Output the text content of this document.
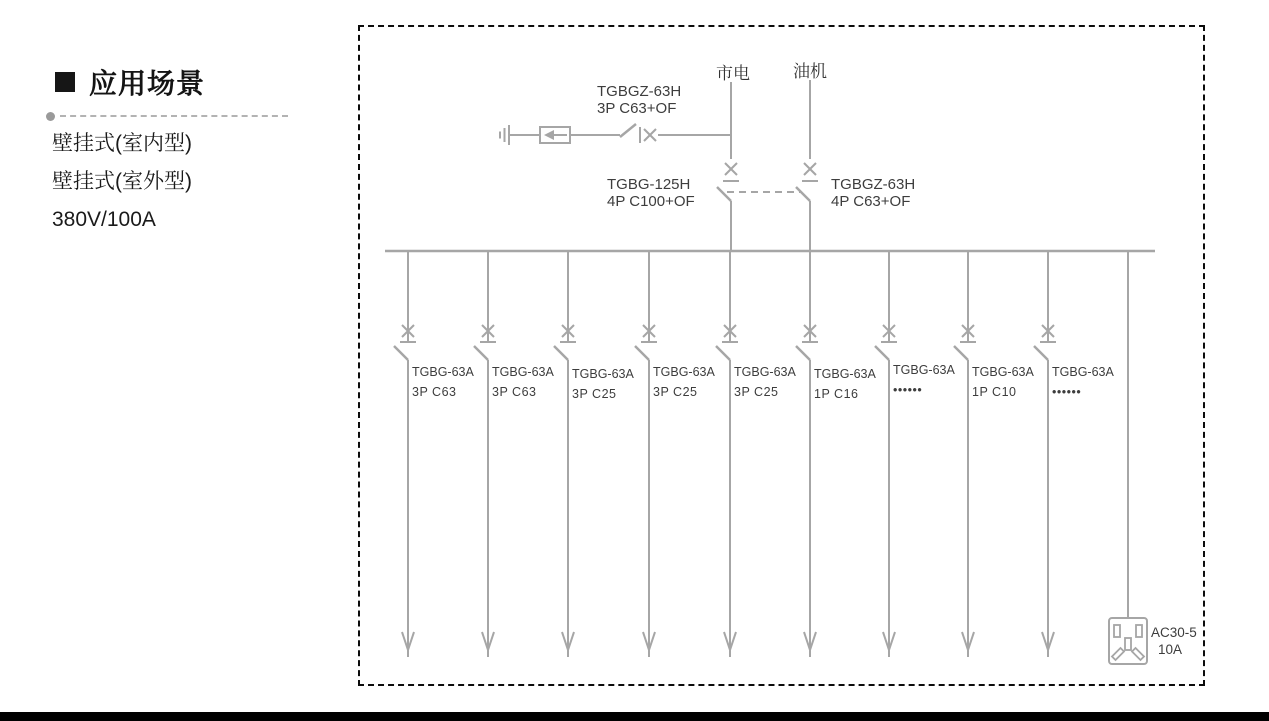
应用场景
壁挂式(室内型)
壁挂式(室外型)
380V/100A
市电	油机
TGBGZ-63H
3P C63+OF
TGBG-125H
4P C100+OF
TGBGZ-63H
4P C63+OF
TGBG-63A
3P C63
TGBG-63A
3P C63
TGBG-63A
3P C25
TGBG-63A
3P C25
TGBG-63A
3P C25
TGBG-63A
1P C16
TGBG-63A
••••••
TGBG-63A
1P C10
TGBG-63A
••••••
AC30-5
10A
